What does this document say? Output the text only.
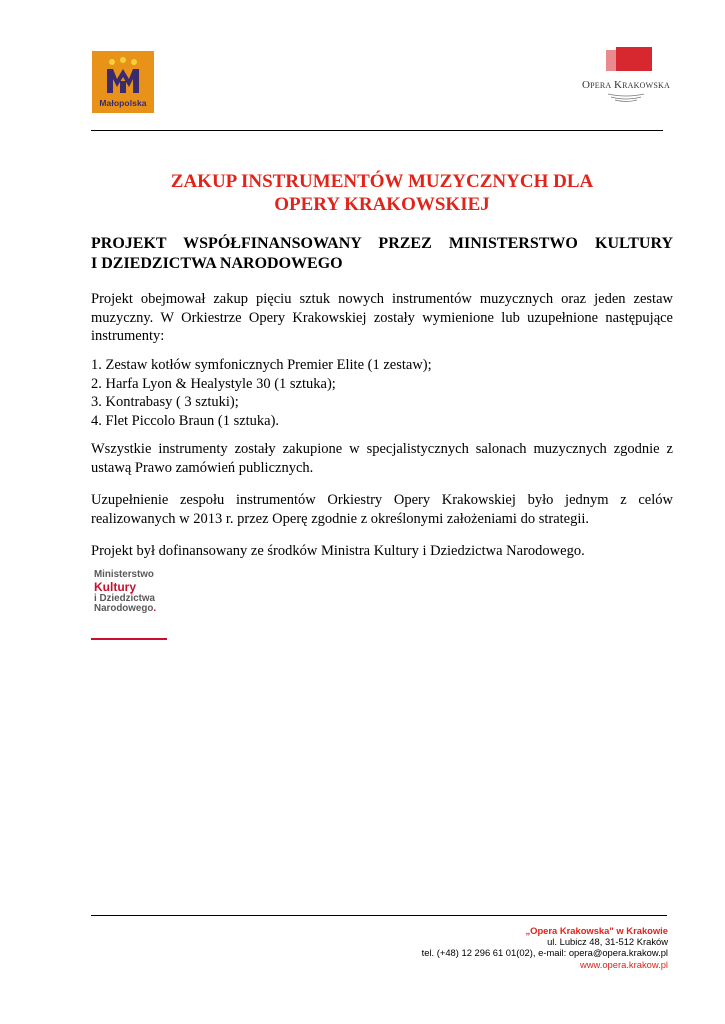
Małopolska
Opera Krakowska
ZAKUP INSTRUMENTÓW MUZYCZNYCH DLA
OPERY KRAKOWSKIEJ
PROJEKT WSPÓŁFINANSOWANY PRZEZ MINISTERSTWO KULTURY
I DZIEDZICTWA NARODOWEGO

Projekt obejmował zakup pięciu sztuk nowych instrumentów muzycznych oraz jeden zestaw muzyczny. W Orkiestrze Opery Krakowskiej zostały wymienione lub uzupełnione następujące instrumenty:

1. Zestaw kotłów symfonicznych Premier Elite (1 zestaw);
2. Harfa Lyon & Healystyle 30 (1 sztuka);
3. Kontrabasy ( 3 sztuki);
4. Flet Piccolo Braun (1 sztuka).

Wszystkie instrumenty zostały zakupione w specjalistycznych salonach muzycznych zgodnie z ustawą Prawo zamówień publicznych.

Uzupełnienie zespołu instrumentów Orkiestry Opery Krakowskiej było jednym z celów realizowanych w 2013 r. przez Operę zgodnie z określonymi założeniami do strategii.

Projekt był dofinansowany ze środków Ministra Kultury i Dziedzictwa Narodowego.

Ministerstwo
Kultury
i Dziedzictwa
Narodowego.
„Opera Krakowska" w Krakowie
ul. Lubicz 48, 31-512 Kraków
tel. (+48) 12 296 61 01(02), e-mail: opera@opera.krakow.pl
www.opera.krakow.pl
